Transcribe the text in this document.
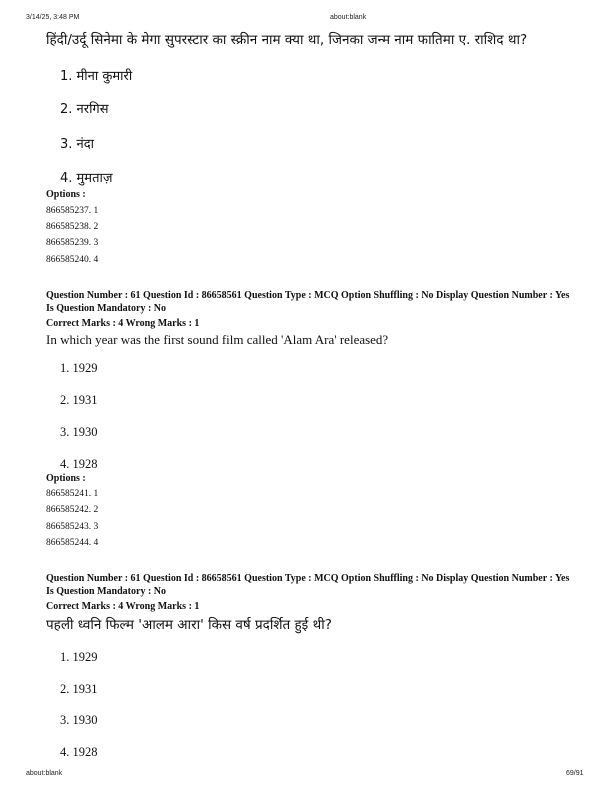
3/14/25, 3:48 PM	about:blank
हिंदी/उर्दू सिनेमा के मेगा सुपरस्टार का स्क्रीन नाम क्या था, जिनका जन्म नाम फातिमा ए. राशिद था?
1. मीना कुमारी
2. नरगिस
3. नंदा
4. मुमताज़
Options :
866585237. 1
866585238. 2
866585239. 3
866585240. 4
Question Number : 61 Question Id : 86658561 Question Type : MCQ Option Shuffling : No Display Question Number : Yes Is Question Mandatory : No
Correct Marks : 4 Wrong Marks : 1
In which year was the first sound film called 'Alam Ara' released?
1. 1929
2. 1931
3. 1930
4. 1928
Options :
866585241. 1
866585242. 2
866585243. 3
866585244. 4
Question Number : 61 Question Id : 86658561 Question Type : MCQ Option Shuffling : No Display Question Number : Yes Is Question Mandatory : No
Correct Marks : 4 Wrong Marks : 1
पहली ध्वनि फिल्म 'आलम आरा' किस वर्ष प्रदर्शित हुई थी?
1. 1929
2. 1931
3. 1930
4. 1928
about:blank	69/91
